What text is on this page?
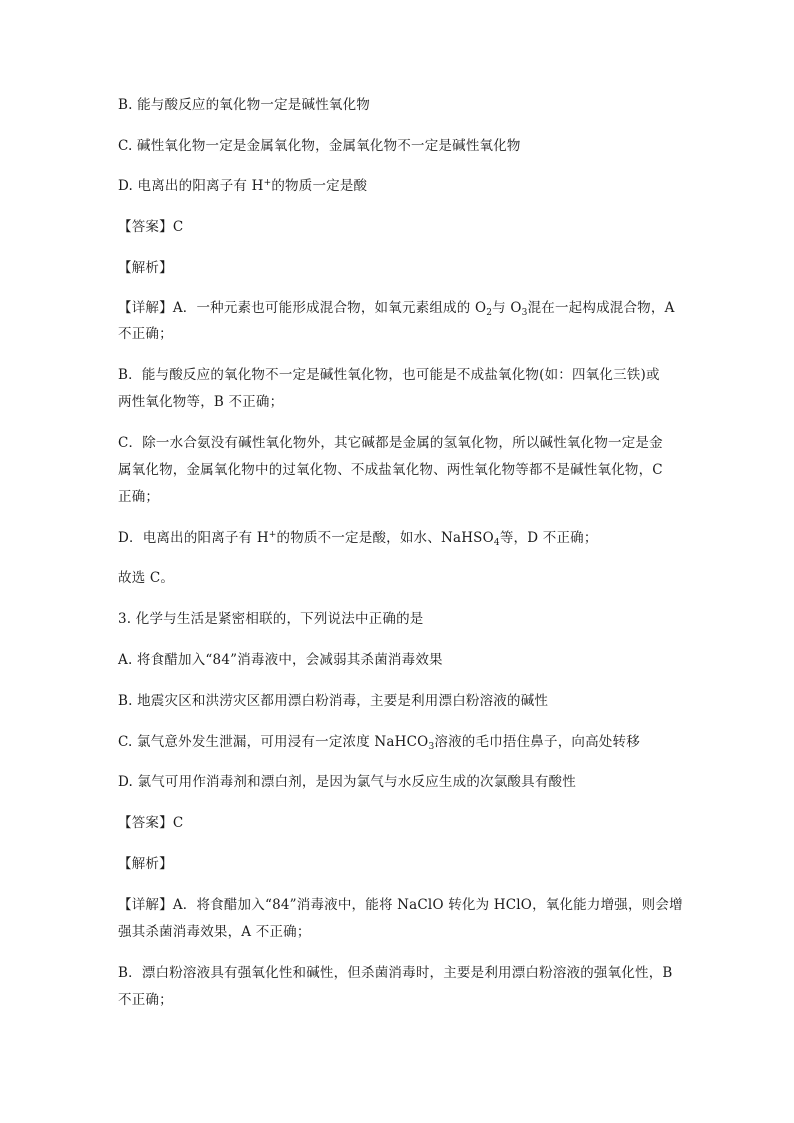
B. 能与酸反应的氧化物一定是碱性氧化物
C. 碱性氧化物一定是金属氧化物，金属氧化物不一定是碱性氧化物
D. 电离出的阳离子有 H+的物质一定是酸
【答案】C
【解析】
【详解】A．一种元素也可能形成混合物，如氧元素组成的 $O_2$与 $O_3$混在一起构成混合物，A
不正确；
B．能与酸反应的氧化物不一定是碱性氧化物，也可能是不成盐氧化物(如：四氧化三铁)或
两性氧化物等，B 不正确；
C．除一水合氨没有碱性氧化物外，其它碱都是金属的氢氧化物，所以碱性氧化物一定是金
属氧化物，金属氧化物中的过氧化物、不成盐氧化物、两性氧化物等都不是碱性氧化物，C
正确；
D．电离出的阳离子有 H+的物质不一定是酸，如水、NaHSO$_4$等，D 不正确；
故选 C。
3. 化学与生活是紧密相联的，下列说法中正确的是
A. 将食醋加入“84”消毒液中，会减弱其杀菌消毒效果
B. 地震灾区和洪涝灾区都用漂白粉消毒，主要是利用漂白粉溶液的碱性
C. 氯气意外发生泄漏，可用浸有一定浓度 NaHCO$_3$溶液的毛巾捂住鼻子，向高处转移
D. 氯气可用作消毒剂和漂白剂，是因为氯气与水反应生成的次氯酸具有酸性
【答案】C
【解析】
【详解】A．将食醋加入“84”消毒液中，能将 NaClO 转化为 HClO，氧化能力增强，则会增
强其杀菌消毒效果，A 不正确；
B．漂白粉溶液具有强氧化性和碱性，但杀菌消毒时，主要是利用漂白粉溶液的强氧化性，B
不正确；
